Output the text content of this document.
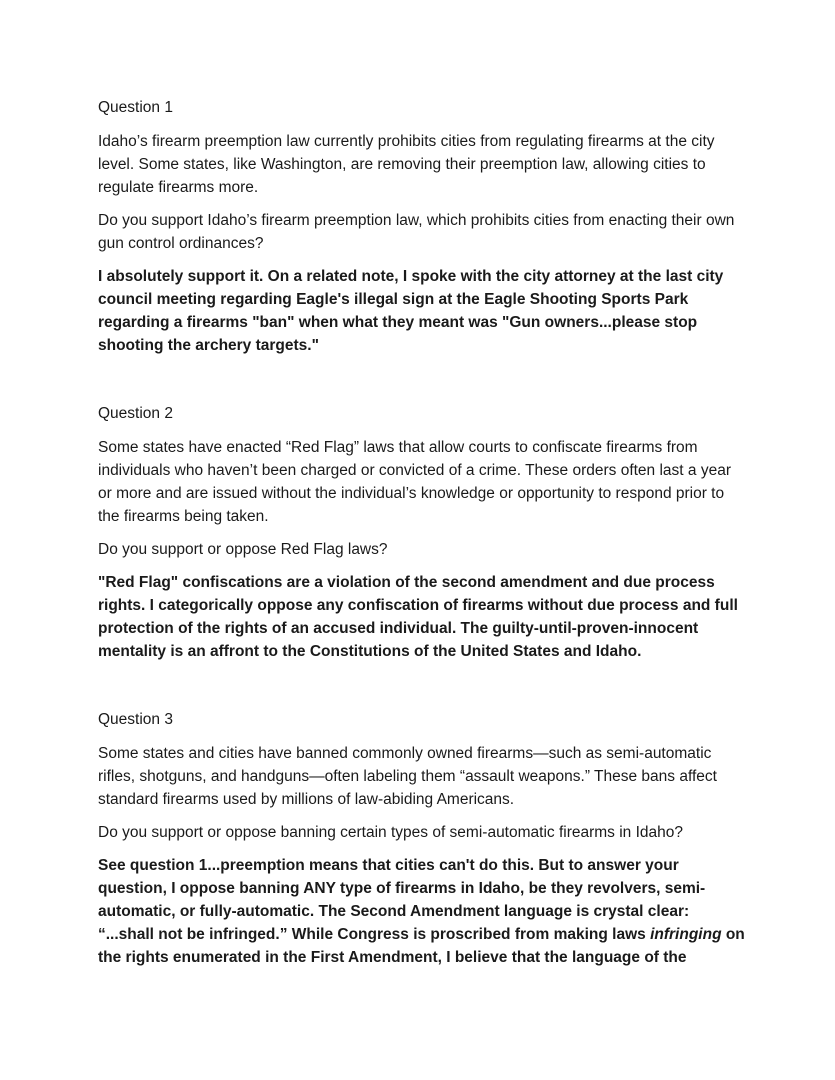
Question 1

Idaho’s firearm preemption law currently prohibits cities from regulating firearms at the city level. Some states, like Washington, are removing their preemption law, allowing cities to regulate firearms more.

Do you support Idaho’s firearm preemption law, which prohibits cities from enacting their own gun control ordinances?

I absolutely support it. On a related note, I spoke with the city attorney at the last city council meeting regarding Eagle's illegal sign at the Eagle Shooting Sports Park regarding a firearms "ban" when what they meant was "Gun owners...please stop shooting the archery targets."

Question 2

Some states have enacted “Red Flag” laws that allow courts to confiscate firearms from individuals who haven’t been charged or convicted of a crime. These orders often last a year or more and are issued without the individual’s knowledge or opportunity to respond prior to the firearms being taken.

Do you support or oppose Red Flag laws?

"Red Flag" confiscations are a violation of the second amendment and due process rights. I categorically oppose any confiscation of firearms without due process and full protection of the rights of an accused individual. The guilty-until-proven-innocent mentality is an affront to the Constitutions of the United States and Idaho.

Question 3

Some states and cities have banned commonly owned firearms—such as semi-automatic rifles, shotguns, and handguns—often labeling them “assault weapons.” These bans affect standard firearms used by millions of law-abiding Americans.

Do you support or oppose banning certain types of semi-automatic firearms in Idaho?

See question 1...preemption means that cities can't do this. But to answer your question, I oppose banning ANY type of firearms in Idaho, be they revolvers, semi-automatic, or fully-automatic. The Second Amendment language is crystal clear: “...shall not be infringed.” While Congress is proscribed from making laws infringing on the rights enumerated in the First Amendment, I believe that the language of the
